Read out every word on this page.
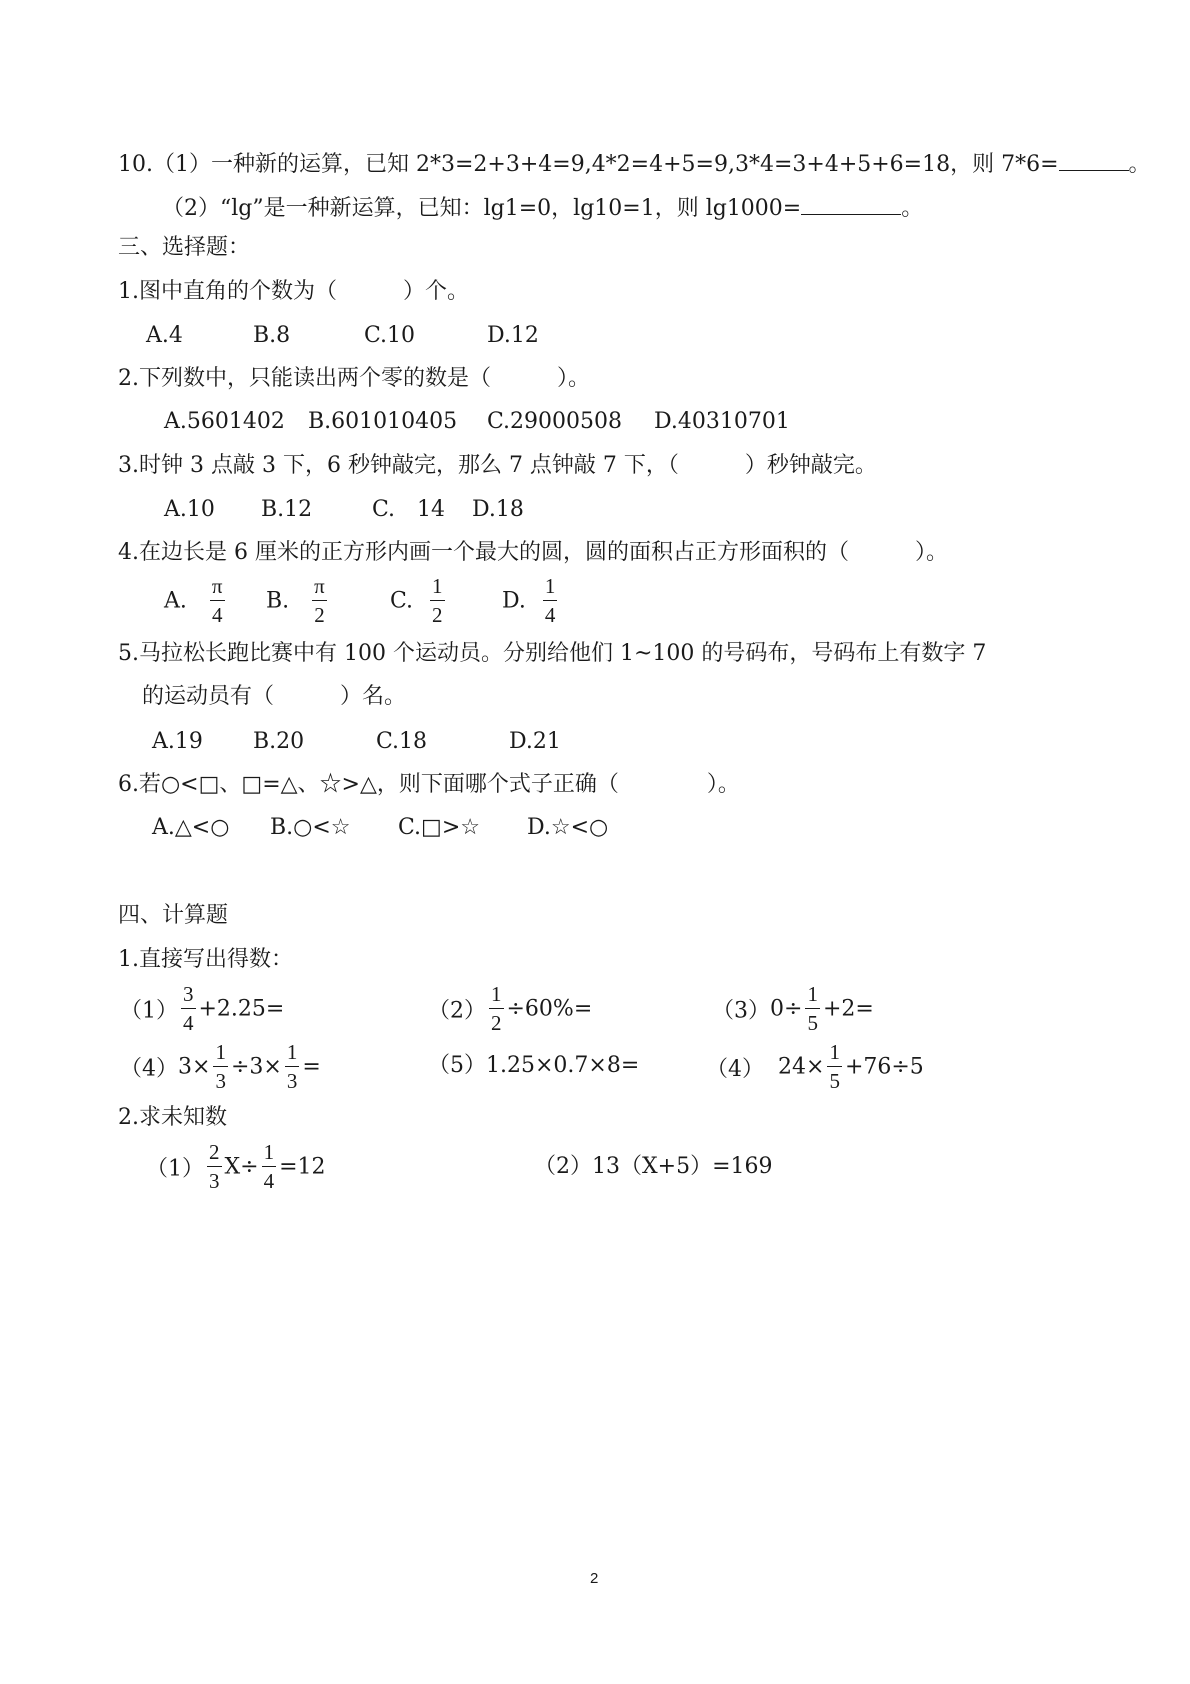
10.（1）一种新的运算，已知 2*3=2+3+4=9,4*2=4+5=9,3*4=3+4+5+6=18，则 7*6=	。
（2）“lg”是一种新运算，已知：lg1=0，lg10=1，则 lg1000=	。
三、选择题：
1.图中直角的个数为（　　　）个。
A.4	B.8	C.10	D.12
2.下列数中，只能读出两个零的数是（　　　）。
A.5601402 B.601010405 C.29000508 D.40310701
3.时钟 3 点敲 3 下，6 秒钟敲完，那么 7 点钟敲 7 下，（　　　）秒钟敲完。
A.10 B.12	C.　14 D.18
4.在边长是 6 厘米的正方形内画一个最大的圆，圆的面积占正方形面积的（　　　）。
A. $\frac{\pi}{4} B$. $\frac{\pi}{2}$	C. $\frac{1}{2}$	D. $\frac{1}{4}$
5.马拉松长跑比赛中有 100 个运动员。分别给他们 1~100 的号码布，号码布上有数字 7
的运动员有（　　　）名。
A.19 B.20	C.18	D.21
6.若○<□、□=△、☆>△，则下面哪个式子正确（　　　　）。
A.△<○ B.○<☆ C.□>☆ D.☆<○
四、计算题
1.直接写出得数：
$(1) \frac{3}{4} +2.25=$	$(2) \frac{1}{2} \div 60\%=$	$(3)0\div \frac{1}{5} +2=$
$(4)3\times \frac{1}{3} \div 3\times \frac{1}{3}$ =	（5）1.25×0.7×8=	（4） $24\times \frac{1}{5} +76\div 5$
2.求未知数
$(1) \frac{2}{3} X\div \frac{1}{4} =12$	（2）13（X+5）=169
2
